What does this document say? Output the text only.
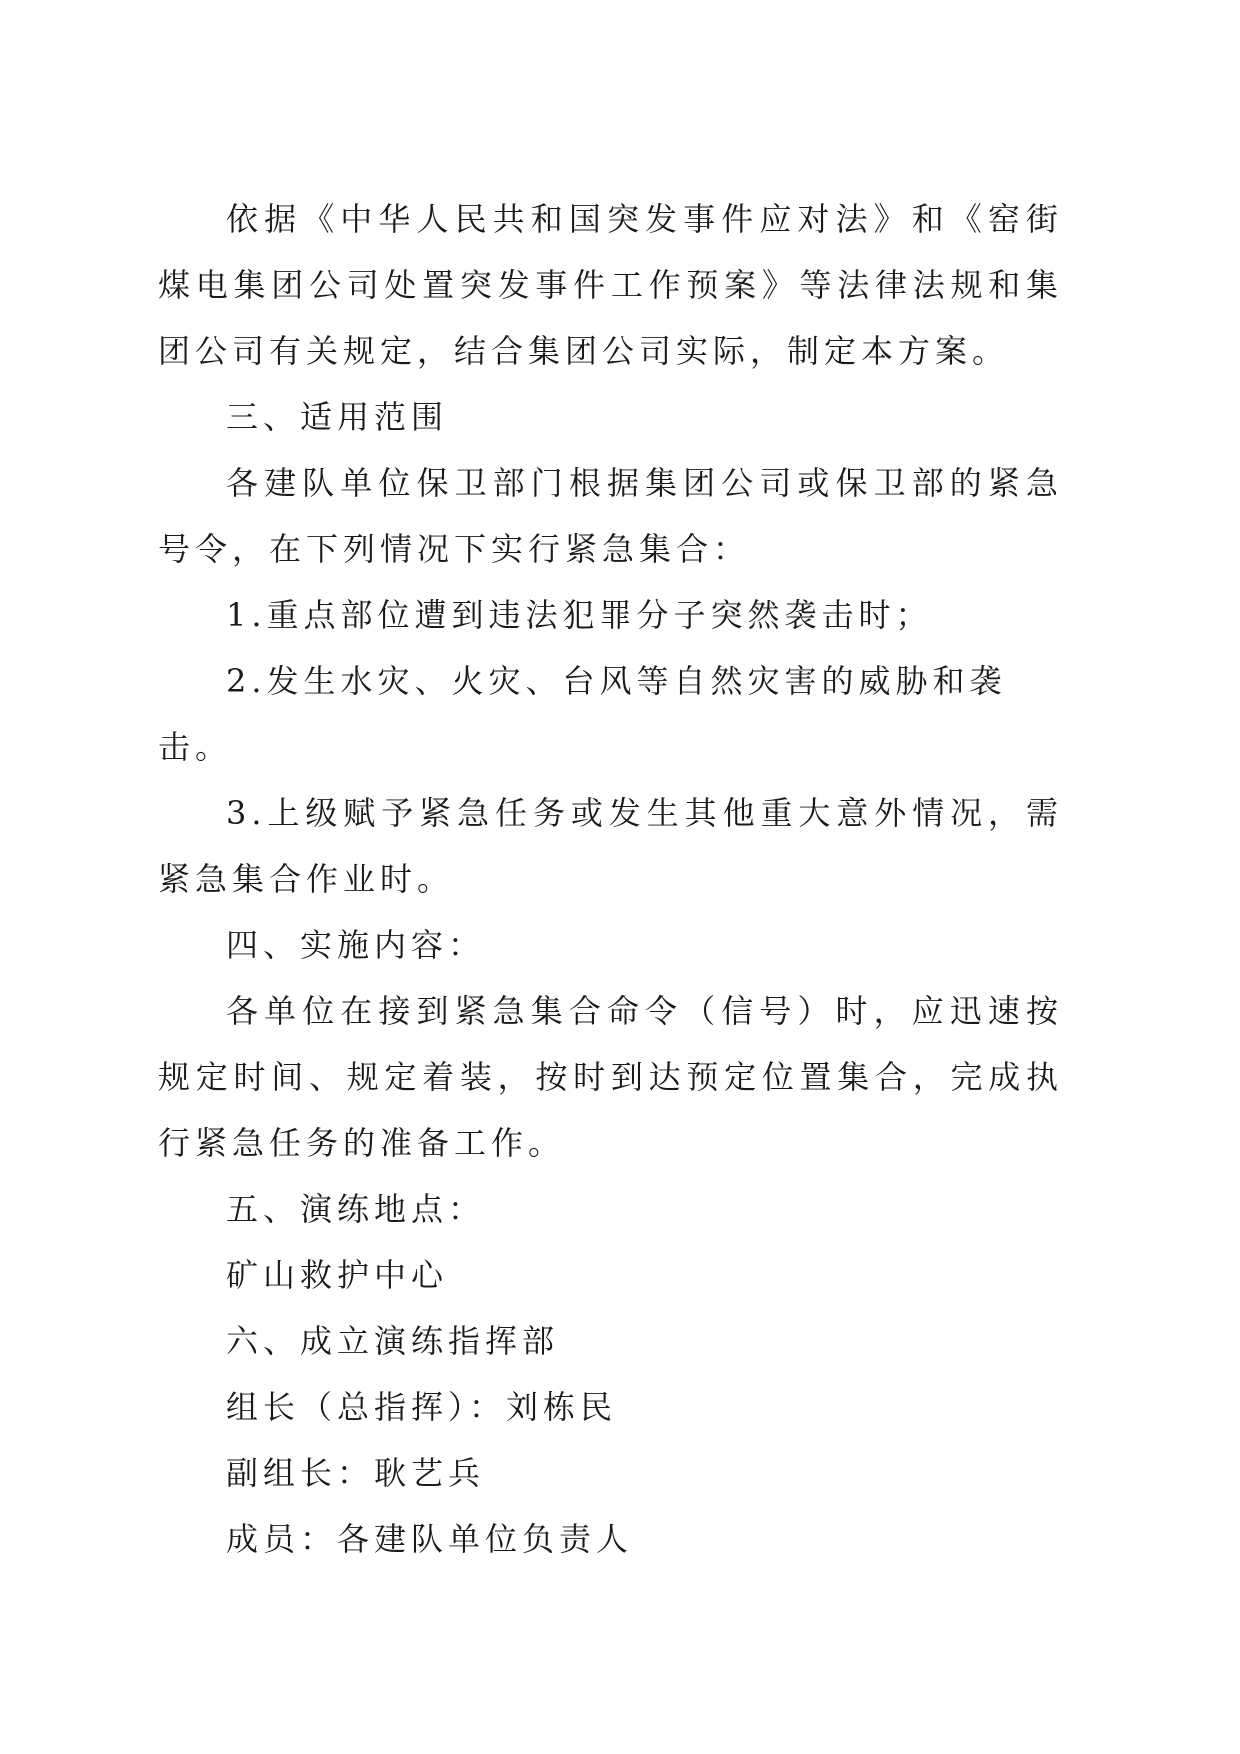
依据《中华人民共和国突发事件应对法》和《窑街煤电集团公司处置突发事件工作预案》等法律法规和集团公司有关规定，结合集团公司实际，制定本方案。

三、适用范围

各建队单位保卫部门根据集团公司或保卫部的紧急号令，在下列情况下实行紧急集合：

1.重点部位遭到违法犯罪分子突然袭击时；

2.发生水灾、火灾、台风等自然灾害的威胁和袭击。

3.上级赋予紧急任务或发生其他重大意外情况，需紧急集合作业时。

四、实施内容：

各单位在接到紧急集合命令（信号）时，应迅速按规定时间、规定着装，按时到达预定位置集合，完成执行紧急任务的准备工作。

五、演练地点：

矿山救护中心

六、成立演练指挥部

组长（总指挥）：刘栋民

副组长：耿艺兵

成员：各建队单位负责人
